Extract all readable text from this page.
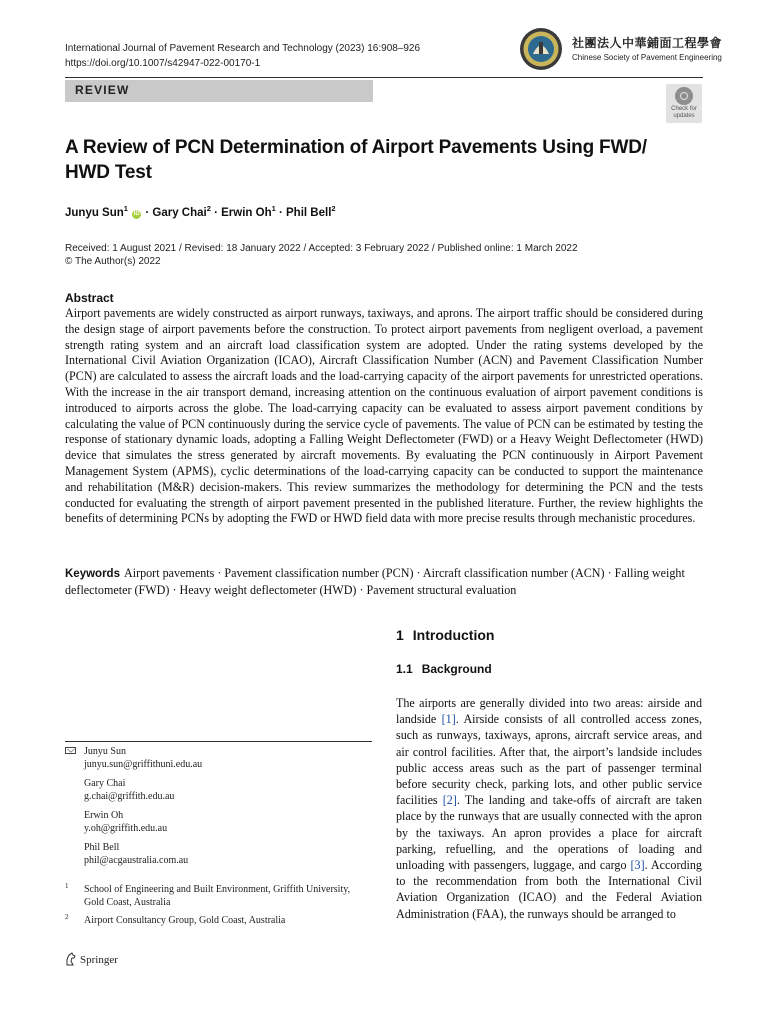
International Journal of Pavement Research and Technology (2023) 16:908–926
https://doi.org/10.1007/s42947-022-00170-1
社團法人中華鋪面工程學會
Chinese Society of Pavement Engineering
REVIEW
Check for
updates
A Review of PCN Determination of Airport Pavements Using FWD/ HWD Test
Junyu Sun$^1$ iD · Gary Chai$^2$ · Erwin $Oh^1$ · Phil Bell$^2$
Received: 1 August 2021 / Revised: 18 January 2022 / Accepted: 3 February 2022 / Published online: 1 March 2022
© The Author(s) 2022
Abstract

Airport pavements are widely constructed as airport runways, taxiways, and aprons. The airport traffic should be considered during the design stage of airport pavements before the construction. To protect airport pavements from negligent overload, a pavement strength rating system and an aircraft load classification system are adopted. Under the rating systems developed by the International Civil Aviation Organization (ICAO), Aircraft Classification Number (ACN) and Pavement Classification Number (PCN) are calculated to assess the aircraft loads and the load-carrying capacity of the airport pavements for unrestricted operations. With the increase in the air transport demand, increasing attention on the continuous evaluation of airport pavement conditions is introduced to airports across the globe. The load-carrying capacity can be evaluated to assess airport pavement conditions by calculating the value of PCN continuously during the service cycle of pavements. The value of PCN can be estimated by testing the response of stationary dynamic loads, adopting a Falling Weight Deflectometer (FWD) or a Heavy Weight Deflectometer (HWD) device that simulates the stress generated by aircraft movements. By evaluating the PCN continuously in Airport Pavement Management System (APMS), cyclic determinations of the load-carrying capacity can be conducted to support the maintenance and rehabilitation (M&R) decision-makers. This review summarizes the methodology for determining the PCN and the tests conducted for evaluating the strength of airport pavement presented in the published literature. Further, the review highlights the benefits of determining PCNs by adopting the FWD or HWD field data with more precise results through mechanistic procedures.

Keywords Airport pavements · Pavement classification number (PCN) · Aircraft classification number (ACN) · Falling weight deflectometer (FWD) · Heavy weight deflectometer (HWD) · Pavement structural evaluation

1 Introduction
1.1 Background

The airports are generally divided into two areas: airside and landside [1]. Airside consists of all controlled access zones, such as runways, taxiways, aprons, aircraft service areas, and air control facilities. After that, the airport’s landside includes public access areas such as the part of passenger terminal before security check, parking lots, and other public service facilities [2]. The landing and take-offs of aircraft are taken place by the runways that are usually connected with the apron by the taxiways. An apron provides a place for aircraft parking, refuelling, and the operations of loading and unloading with passengers, luggage, and cargo [3]. According to the recommendation from both the International Civil Aviation Organization (ICAO) and the Federal Aviation Administration (FAA), the runways should be arranged to

Junyu Sun
junyu.sun@griffithuni.edu.au
Gary Chai
g.chai@griffith.edu.au
Erwin Oh
y.oh@griffith.edu.au
Phil Bell
phil@acgaustralia.com.au
1 School of Engineering and Built Environment, Griffith University, Gold Coast, Australia
2 Airport Consultancy Group, Gold Coast, Australia
Springer
